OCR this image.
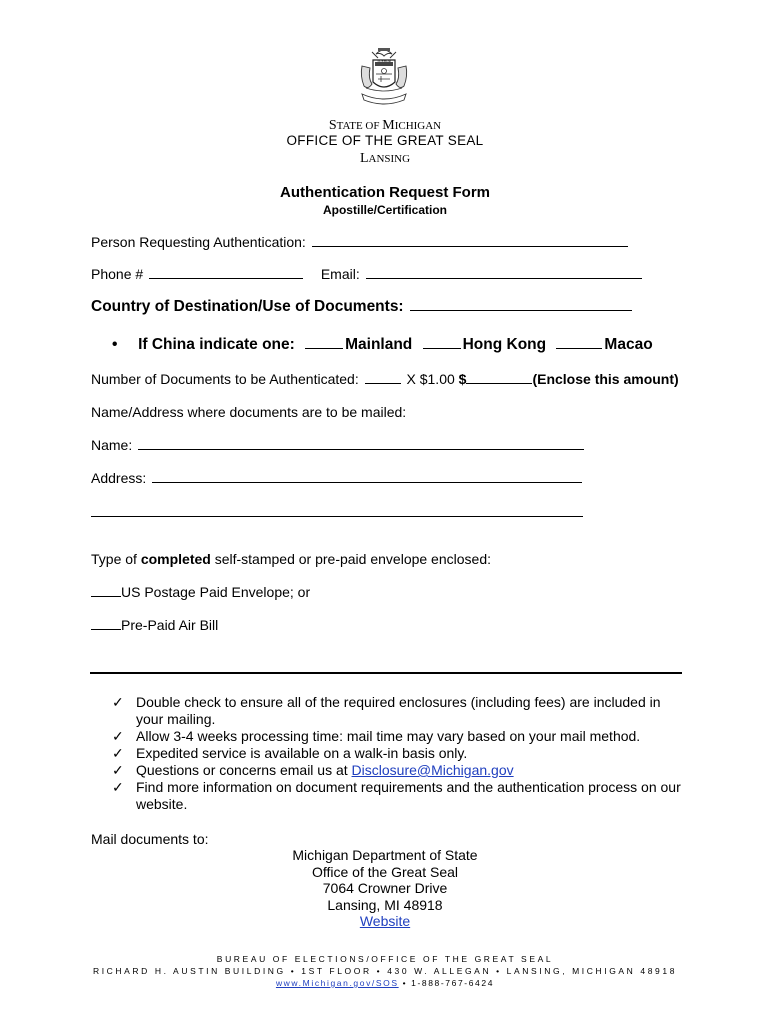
TUEBOR
STATE OF MICHIGAN
OFFICE OF THE GREAT SEAL
LANSING
Authentication Request Form
Apostille/Certification
Person Requesting Authentication:
Phone #	Email:
Country of Destination/Use of Documents:
• If China indicate one:	Mainland	Hong Kong	Macao
Number of Documents to be Authenticated:	X $1.00 $	(Enclose this amount)
Name/Address where documents are to be mailed:
Name:
Address:
Type of completed self-stamped or pre-paid envelope enclosed:
US Postage Paid Envelope; or
Pre-Paid Air Bill
✓ Double check to ensure all of the required enclosures (including fees) are included in your mailing.
✓ Allow 3-4 weeks processing time: mail time may vary based on your mail method.
✓ Expedited service is available on a walk-in basis only.
✓ Questions or concerns email us at Disclosure@Michigan.gov
✓ Find more information on document requirements and the authentication process on our website.
Mail documents to:
Michigan Department of State
Office of the Great Seal
7064 Crowner Drive
Lansing, MI 48918
Website
BUREAU OF ELECTIONS/OFFICE OF THE GREAT SEAL
RICHARD H. AUSTIN BUILDING • 1ST FLOOR • 430 W. ALLEGAN • LANSING, MICHIGAN 48918
www.Michigan.gov/SOS • 1-888-767-6424
